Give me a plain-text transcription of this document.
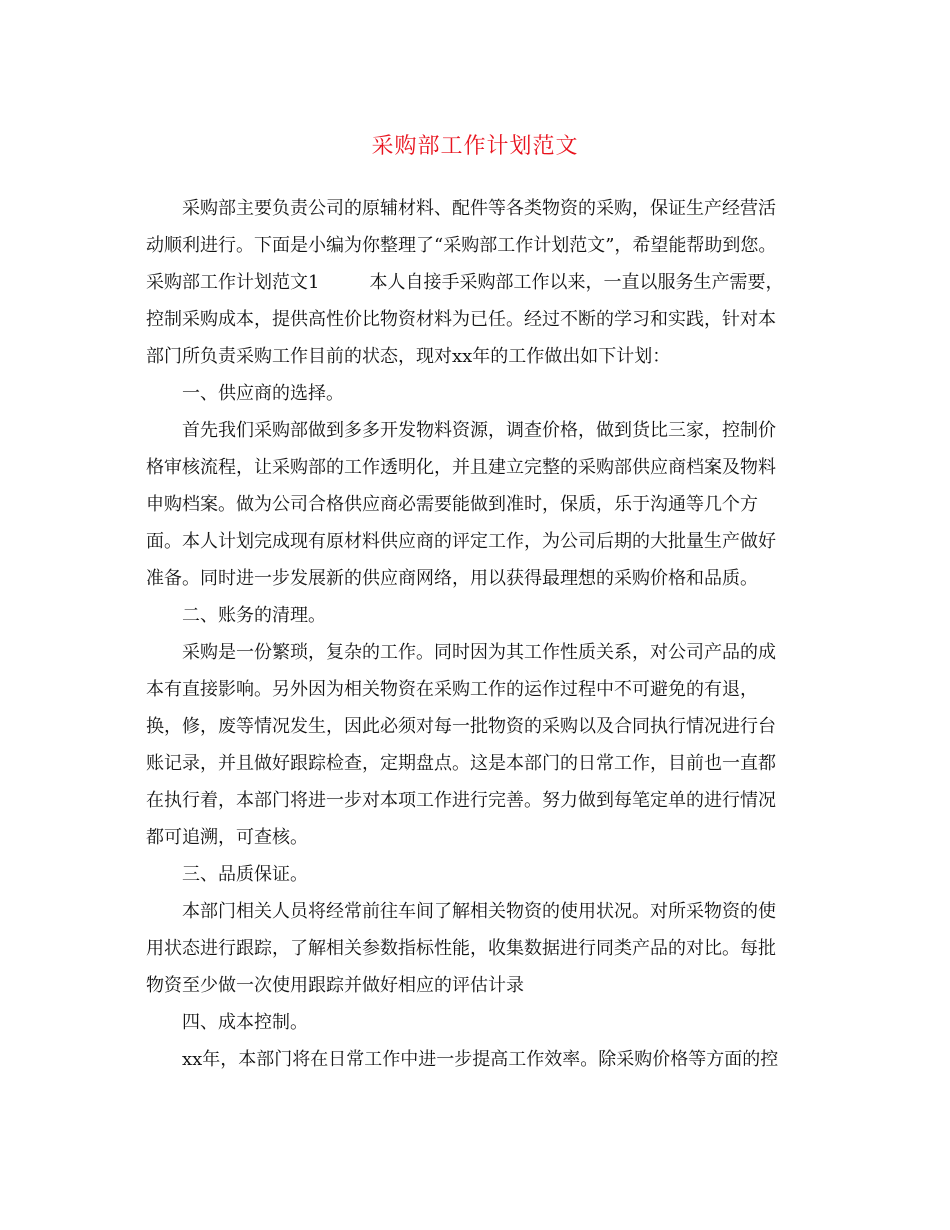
采购部工作计划范文
采购部主要负责公司的原辅材料、配件等各类物资的采购，保证生产经营活
动顺利进行。下面是小编为你整理了“采购部工作计划范文”，希望能帮助到您。
采购部工作计划范文1	本人自接手采购部工作以来，一直以服务生产需要，
控制采购成本，提供高性价比物资材料为已任。经过不断的学习和实践，针对本
部门所负责采购工作目前的状态，现对xx年的工作做出如下计划：
一、供应商的选择。
首先我们采购部做到多多开发物料资源，调查价格，做到货比三家，控制价
格审核流程，让采购部的工作透明化，并且建立完整的采购部供应商档案及物料
申购档案。做为公司合格供应商必需要能做到准时，保质，乐于沟通等几个方
面。本人计划完成现有原材料供应商的评定工作，为公司后期的大批量生产做好
准备。同时进一步发展新的供应商网络，用以获得最理想的采购价格和品质。
二、账务的清理。
采购是一份繁琐，复杂的工作。同时因为其工作性质关系，对公司产品的成
本有直接影响。另外因为相关物资在采购工作的运作过程中不可避免的有退，
换，修，废等情况发生，因此必须对每一批物资的采购以及合同执行情况进行台
账记录，并且做好跟踪检查，定期盘点。这是本部门的日常工作，目前也一直都
在执行着，本部门将进一步对本项工作进行完善。努力做到每笔定单的进行情况
都可追溯，可查核。
三、品质保证。
本部门相关人员将经常前往车间了解相关物资的使用状况。对所采物资的使
用状态进行跟踪，了解相关参数指标性能，收集数据进行同类产品的对比。每批
物资至少做一次使用跟踪并做好相应的评估计录
四、成本控制。
xx年，本部门将在日常工作中进一步提高工作效率。除采购价格等方面的控
